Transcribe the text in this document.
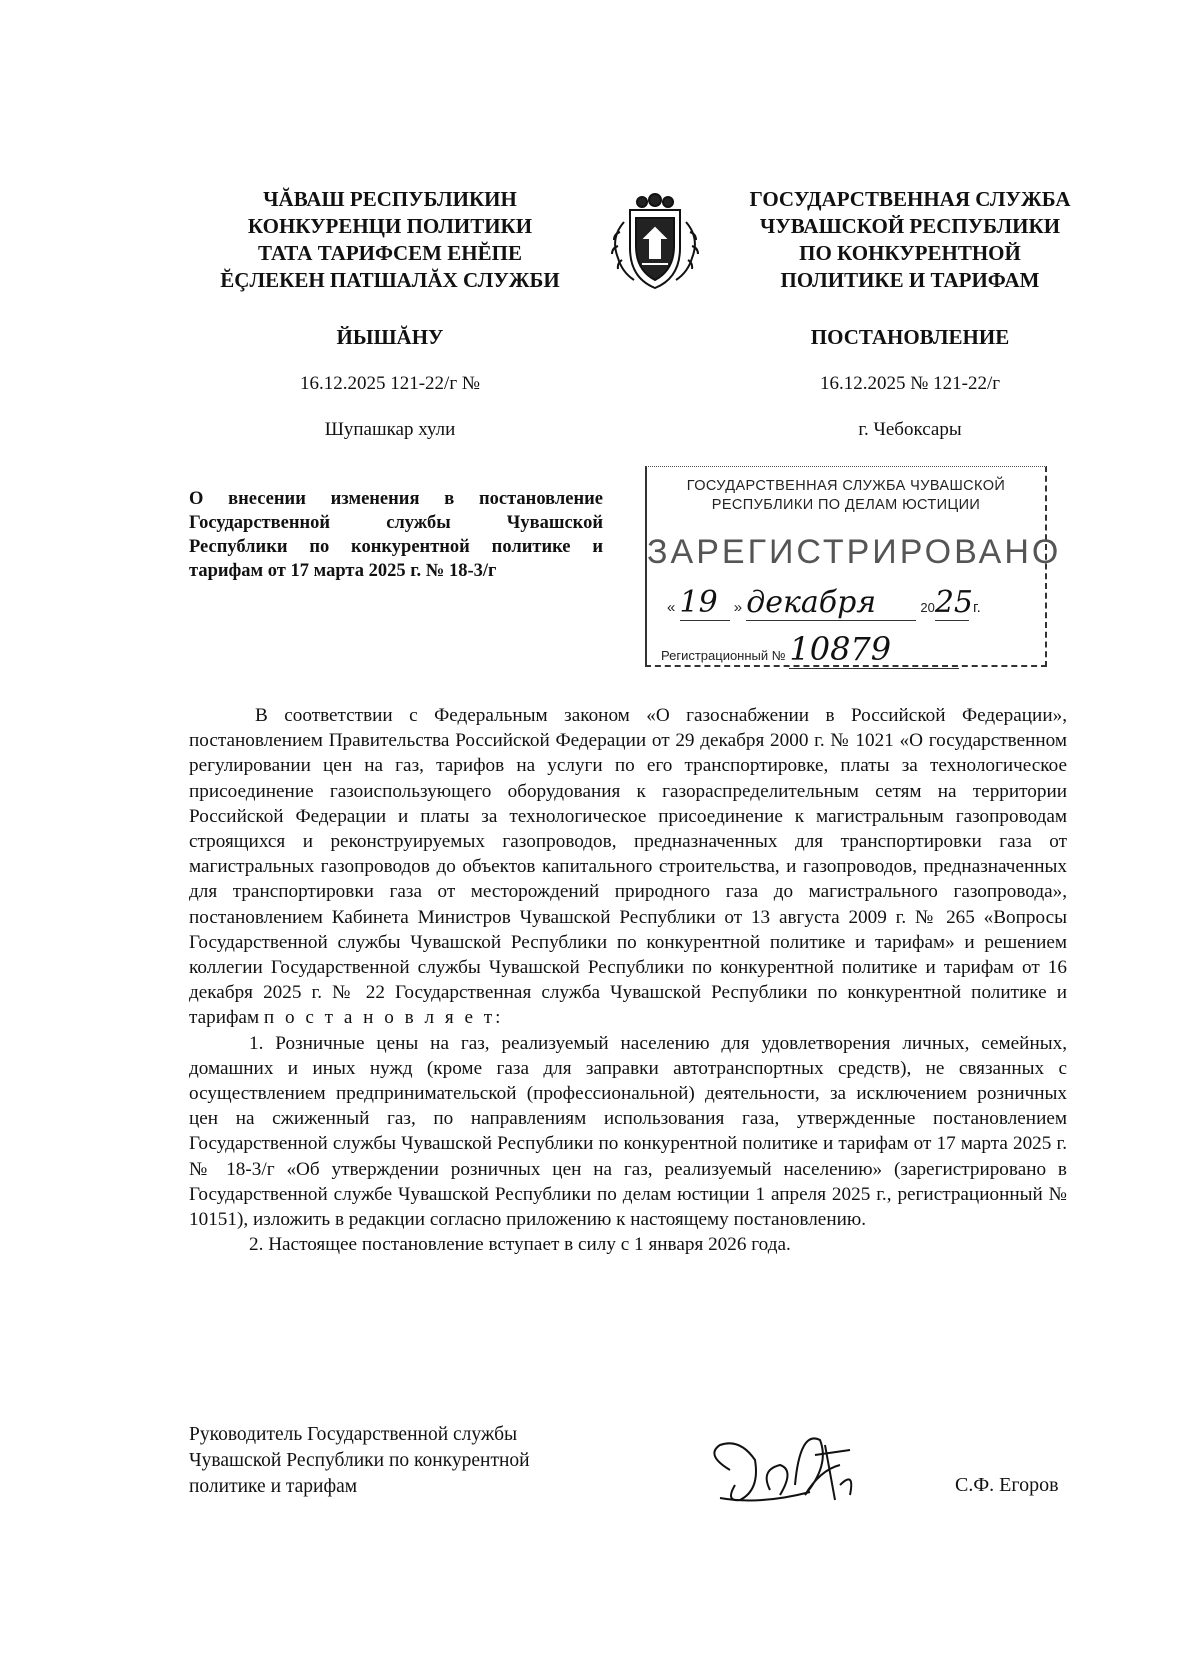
ЧĂВАШ РЕСПУБЛИКИН
КОНКУРЕНЦИ ПОЛИТИКИ
ТАТА ТАРИФСЕМ ЕНĔПЕ
ĔÇЛЕКЕН ПАТШАЛĂХ СЛУЖБИ
ЙЫШĂНУ
16.12.2025 121-22/г №
Шупашкар хули
ГОСУДАРСТВЕННАЯ СЛУЖБА
ЧУВАШСКОЙ РЕСПУБЛИКИ
ПО КОНКУРЕНТНОЙ
ПОЛИТИКЕ И ТАРИФАМ
ПОСТАНОВЛЕНИЕ
16.12.2025 № 121-22/г
г. Чебоксары
О внесении изменения в постановление Государственной службы Чувашской Республики по конкурентной политике и тарифам от 17 марта 2025 г. № 18-3/г
ГОСУДАРСТВЕННАЯ СЛУЖБА ЧУВАШСКОЙ
РЕСПУБЛИКИ ПО ДЕЛАМ ЮСТИЦИИ
ЗАРЕГИСТРИРОВАНО
« 19 » декабря	2025 г.
Регистрационный № 10879

В соответствии с Федеральным законом «О газоснабжении в Российской Федерации», постановлением Правительства Российской Федерации от 29 декабря 2000 г. № 1021 «О государственном регулировании цен на газ, тарифов на услуги по его транспортировке, платы за технологическое присоединение газоиспользующего оборудования к газораспределительным сетям на территории Российской Федерации и платы за технологическое присоединение к магистральным газопроводам строящихся и реконструируемых газопроводов, предназначенных для транспортировки газа от магистральных газопроводов до объектов капитального строительства, и газопроводов, предназначенных для транспортировки газа от месторождений природного газа до магистрального газопровода», постановлением Кабинета Министров Чувашской Республики от 13 августа 2009 г. № 265 «Вопросы Государственной службы Чувашской Республики по конкурентной политике и тарифам» и решением коллегии Государственной службы Чувашской Республики по конкурентной политике и тарифам от 16 декабря 2025 г. № 22 Государственная служба Чувашской Республики по конкурентной политике и тарифам п о с т а н о в л я е т:

1. Розничные цены на газ, реализуемый населению для удовлетворения личных, семейных, домашних и иных нужд (кроме газа для заправки автотранспортных средств), не связанных с осуществлением предпринимательской (профессиональной) деятельности, за исключением розничных цен на сжиженный газ, по направлениям использования газа, утвержденные постановлением Государственной службы Чувашской Республики по конкурентной политике и тарифам от 17 марта 2025 г. № 18-3/г «Об утверждении розничных цен на газ, реализуемый населению» (зарегистрировано в Государственной службе Чувашской Республики по делам юстиции 1 апреля 2025 г., регистрационный № 10151), изложить в редакции согласно приложению к настоящему постановлению.

2. Настоящее постановление вступает в силу с 1 января 2026 года.

Руководитель Государственной службы
Чувашской Республики по конкурентной
политике и тарифам	С.Ф. Егоров
